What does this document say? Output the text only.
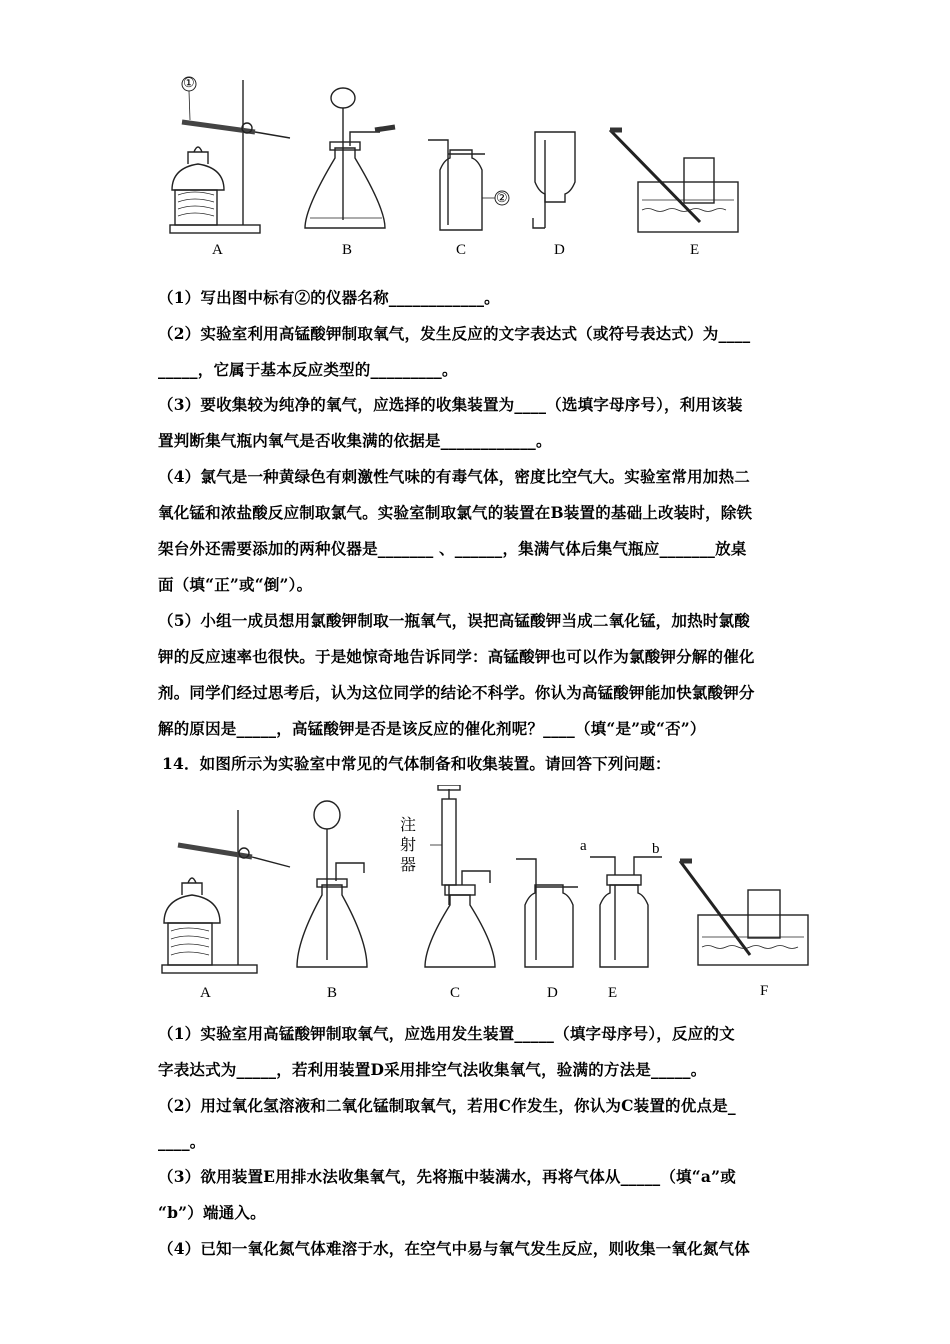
A	B	C	D	E
①
②
（1）写出图中标有②的仪器名称____________。
（2）实验室利用高锰酸钾制取氧气，发生反应的文字表达式（或符号表达式）为____
_____，它属于基本反应类型的_________。
（3）要收集较为纯净的氧气，应选择的收集装置为____（选填字母序号），利用该装
置判断集气瓶内氧气是否收集满的依据是____________。
（4）氯气是一种黄绿色有刺激性气味的有毒气体，密度比空气大。实验室常用加热二
氧化锰和浓盐酸反应制取氯气。实验室制取氯气的装置在B装置的基础上改装时，除铁
架台外还需要添加的两种仪器是_______ 、______，集满气体后集气瓶应_______放桌
面（填“正”或“倒”）。
（5）小组一成员想用氯酸钾制取一瓶氧气，误把高锰酸钾当成二氧化锰，加热时氯酸
钾的反应速率也很快。于是她惊奇地告诉同学：高锰酸钾也可以作为氯酸钾分解的催化
剂。同学们经过思考后，认为这位同学的结论不科学。你认为高锰酸钾能加快氯酸钾分
解的原因是_____，高锰酸钾是否是该反应的催化剂呢？____（填“是”或“否”）
14．如图所示为实验室中常见的气体制备和收集装置。请回答下列问题：
A	B	C	D	E	F
a	b
注
射
器
（1）实验室用高锰酸钾制取氧气，应选用发生装置_____（填字母序号），反应的文
字表达式为_____，若利用装置D采用排空气法收集氧气，验满的方法是_____。
（2）用过氧化氢溶液和二氧化锰制取氧气，若用C作发生，你认为C装置的优点是_
____。
（3）欲用装置E用排水法收集氧气，先将瓶中装满水，再将气体从_____（填“a”或
“b”）端通入。
（4）已知一氧化氮气体难溶于水，在空气中易与氧气发生反应，则收集一氧化氮气体
